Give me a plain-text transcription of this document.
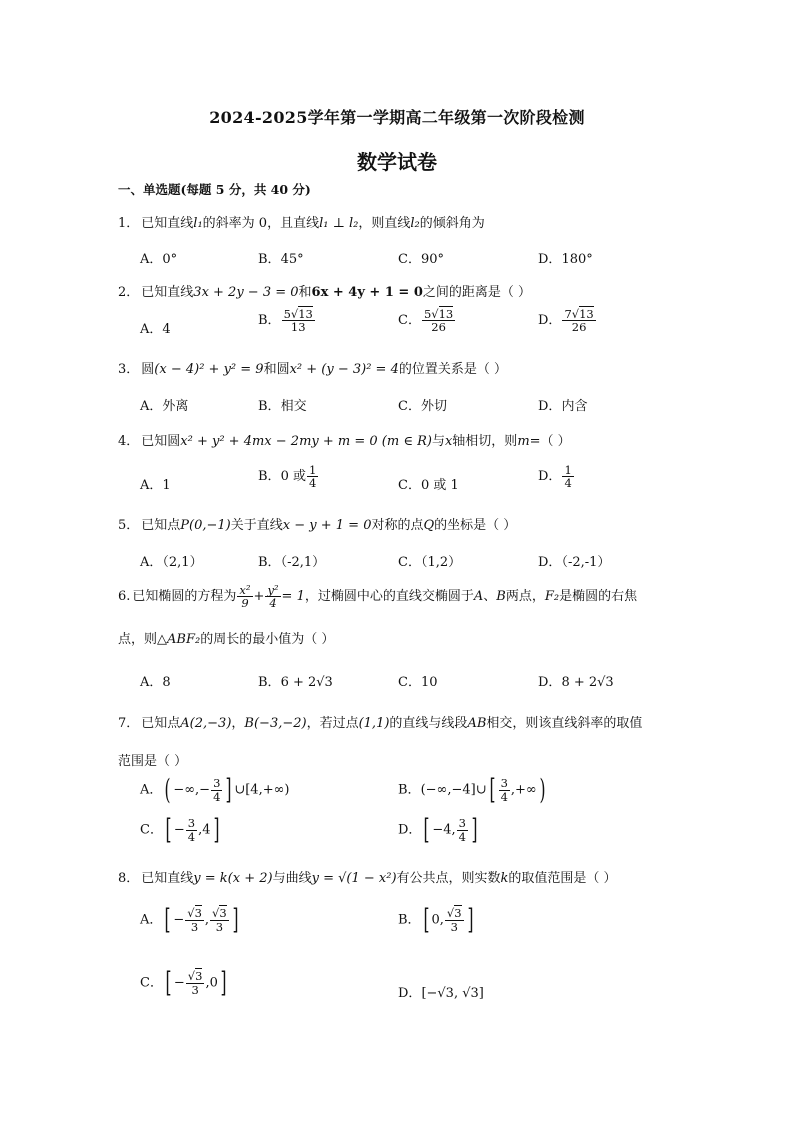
2024-2025学年第一学期高二年级第一次阶段检测
数学试卷
一、单选题(每题 5 分，共 40 分)
1． 已知直线l₁的斜率为 0，且直线l₁ ⊥ l₂，则直线l₂的倾斜角为
A．0°	B．45°	C．90°	D．180°
2． 已知直线3x + 2y − 3 = 0和6x + 4y + 1 = 0之间的距离是（ ）
A．4
B． $\frac{5√13}{13}$	C． $\frac{5√13}{26}$	D． $\frac{7√13}{26}$
3． 圆(x − 4)² + y² = 9和圆x² + (y − 3)² = 4的位置关系是（ ）
A．外离	B．相交	C．外切	D．内含
4． 已知圆x² + y² + 4mx − 2my + m = 0 (m ∈ R)与x轴相切，则m=（ ）
A．1
B．0 或 $\frac{1}{4}$	C．0 或 1
D． $\frac{1}{4}$
5． 已知点P(0,−1)关于直线x − y + 1 = 0对称的点Q的坐标是（ ）
A．（2,1）	B．（-2,1）	C．（1,2）	D．（-2,-1）
6. 已知椭圆的方程为 $\frac{\text{x²}}{9} + \frac{\text{y²}}{4} = 1$，过椭圆中心的直线交椭圆于A、B两点，F₂是椭圆的右焦
点，则△ABF₂的周长的最小值为（ ）
A．8	B．6 + 2√3	C．10	D．8 + 2√3
7． 已知点A(2,−3)，B(−3,−2)，若过点(1,1)的直线与线段AB相交，则该直线斜率的取值
范围是（ ）
A．( −∞,− $\frac{3}{4}$ ] ∪[4,+∞)	B．(−∞,−4]∪[ $\frac{3}{4}$ ,+∞)
C．[ − $\frac{3}{4} ,4$]	D．[ −4, $\frac{3}{4}$ ]
8． 已知直线y = k(x + 2)与曲线y = √(1 − x²)有公共点，则实数k的取值范围是（ ）
A．[ − $\frac{√3}{3}$ , $\frac{√3}{3}$ ]	B．[ 0, $\frac{√3}{3}$ ]
C．[ − $\frac{√3}{3} ,0$]	D．[−√3, √3]
